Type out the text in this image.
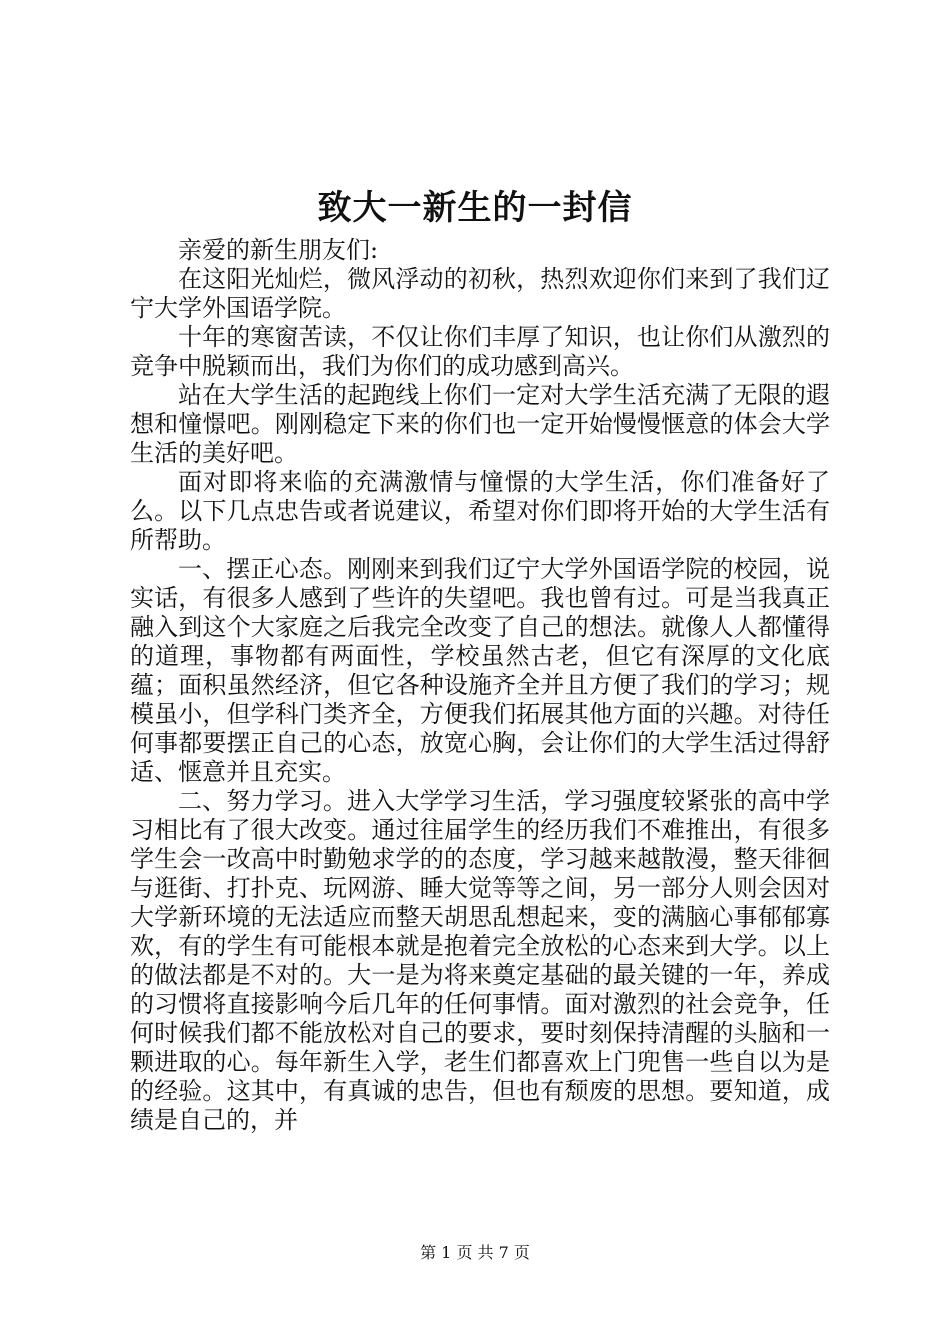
致大一新生的一封信

亲爱的新生朋友们:

在这阳光灿烂，微风浮动的初秋，热烈欢迎你们来到了我们辽宁大学外国语学院。

十年的寒窗苦读，不仅让你们丰厚了知识，也让你们从激烈的竞争中脱颖而出，我们为你们的成功感到高兴。

站在大学生活的起跑线上你们一定对大学生活充满了无限的遐想和憧憬吧。刚刚稳定下来的你们也一定开始慢慢惬意的体会大学生活的美好吧。

面对即将来临的充满激情与憧憬的大学生活，你们准备好了么。以下几点忠告或者说建议，希望对你们即将开始的大学生活有所帮助。

一、摆正心态。刚刚来到我们辽宁大学外国语学院的校园，说实话，有很多人感到了些许的失望吧。我也曾有过。可是当我真正融入到这个大家庭之后我完全改变了自己的想法。就像人人都懂得的道理，事物都有两面性，学校虽然古老，但它有深厚的文化底蕴；面积虽然经济，但它各种设施齐全并且方便了我们的学习；规模虽小，但学科门类齐全，方便我们拓展其他方面的兴趣。对待任何事都要摆正自己的心态，放宽心胸，会让你们的大学生活过得舒适、惬意并且充实。

二、努力学习。进入大学学习生活，学习强度较紧张的高中学习相比有了很大改变。通过往届学生的经历我们不难推出，有很多学生会一改高中时勤勉求学的的态度，学习越来越散漫，整天徘徊与逛街、打扑克、玩网游、睡大觉等等之间，另一部分人则会因对大学新环境的无法适应而整天胡思乱想起来，变的满脑心事郁郁寡欢，有的学生有可能根本就是抱着完全放松的心态来到大学。以上的做法都是不对的。大一是为将来奠定基础的最关键的一年，养成的习惯将直接影响今后几年的任何事情。面对激烈的社会竞争，任何时候我们都不能放松对自己的要求，要时刻保持清醒的头脑和一颗进取的心。每年新生入学，老生们都喜欢上门兜售一些自以为是的经验。这其中，有真诚的忠告，但也有颓废的思想。要知道，成绩是自己的，并

第 1 页 共 7 页
